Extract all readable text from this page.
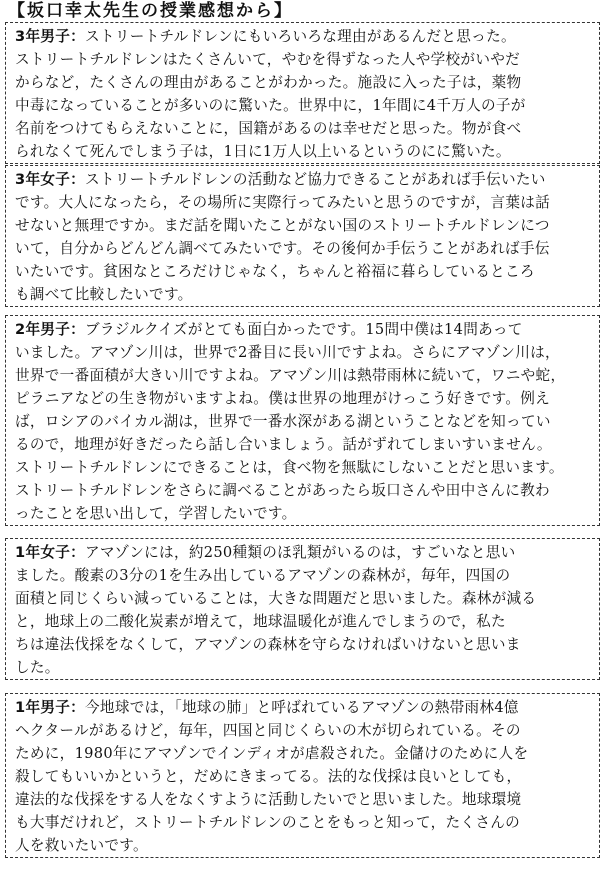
【坂口幸太先生の授業感想から】
3年男子：ストリートチルドレンにもいろいろな理由があるんだと思った。
ストリートチルドレンはたくさんいて，やむを得ずなった人や学校がいやだ
からなど，たくさんの理由があることがわかった。施設に入った子は，薬物
中毒になっていることが多いのに驚いた。世界中に，1年間に4千万人の子が
名前をつけてもらえないことに，国籍があるのは幸せだと思った。物が食べ
られなくて死んでしまう子は，1日に1万人以上いるというのにに驚いた。
3年女子：ストリートチルドレンの活動など協力できることがあれば手伝いたい
です。大人になったら，その場所に実際行ってみたいと思うのですが，言葉は話
せないと無理ですか。まだ話を聞いたことがない国のストリートチルドレンにつ
いて，自分からどんどん調べてみたいです。その後何か手伝うことがあれば手伝
いたいです。貧困なところだけじゃなく，ちゃんと裕福に暮らしているところ
も調べて比較したいです。
2年男子：ブラジルクイズがとても面白かったです。15問中僕は14問あって
いました。アマゾン川は，世界で2番目に長い川ですよね。さらにアマゾン川は，
世界で一番面積が大きい川ですよね。アマゾン川は熱帯雨林に続いて，ワニや蛇，
ピラニアなどの生き物がいますよね。僕は世界の地理がけっこう好きです。例え
ば，ロシアのバイカル湖は，世界で一番水深がある湖ということなどを知ってい
るので，地理が好きだったら話し合いましょう。話がずれてしまいすいません。
ストリートチルドレンにできることは，食べ物を無駄にしないことだと思います。
ストリートチルドレンをさらに調べることがあったら坂口さんや田中さんに教わ
ったことを思い出して，学習したいです。
1年女子：アマゾンには，約250種類のほ乳類がいるのは，すごいなと思い
ました。酸素の3分の1を生み出しているアマゾンの森林が，毎年，四国の
面積と同じくらい減っていることは，大きな問題だと思いました。森林が減る
と，地球上の二酸化炭素が増えて，地球温暖化が進んでしまうので，私た
ちは違法伐採をなくして，アマゾンの森林を守らなければいけないと思いま
した。
1年男子：今地球では，「地球の肺」と呼ばれているアマゾンの熱帯雨林4億
ヘクタールがあるけど，毎年，四国と同じくらいの木が切られている。その
ために，1980年にアマゾンでインディオが虐殺された。金儲けのために人を
殺してもいいかというと，だめにきまってる。法的な伐採は良いとしても，
違法的な伐採をする人をなくすように活動したいでと思いました。地球環境
も大事だけれど，ストリートチルドレンのことをもっと知って，たくさんの
人を救いたいです。
